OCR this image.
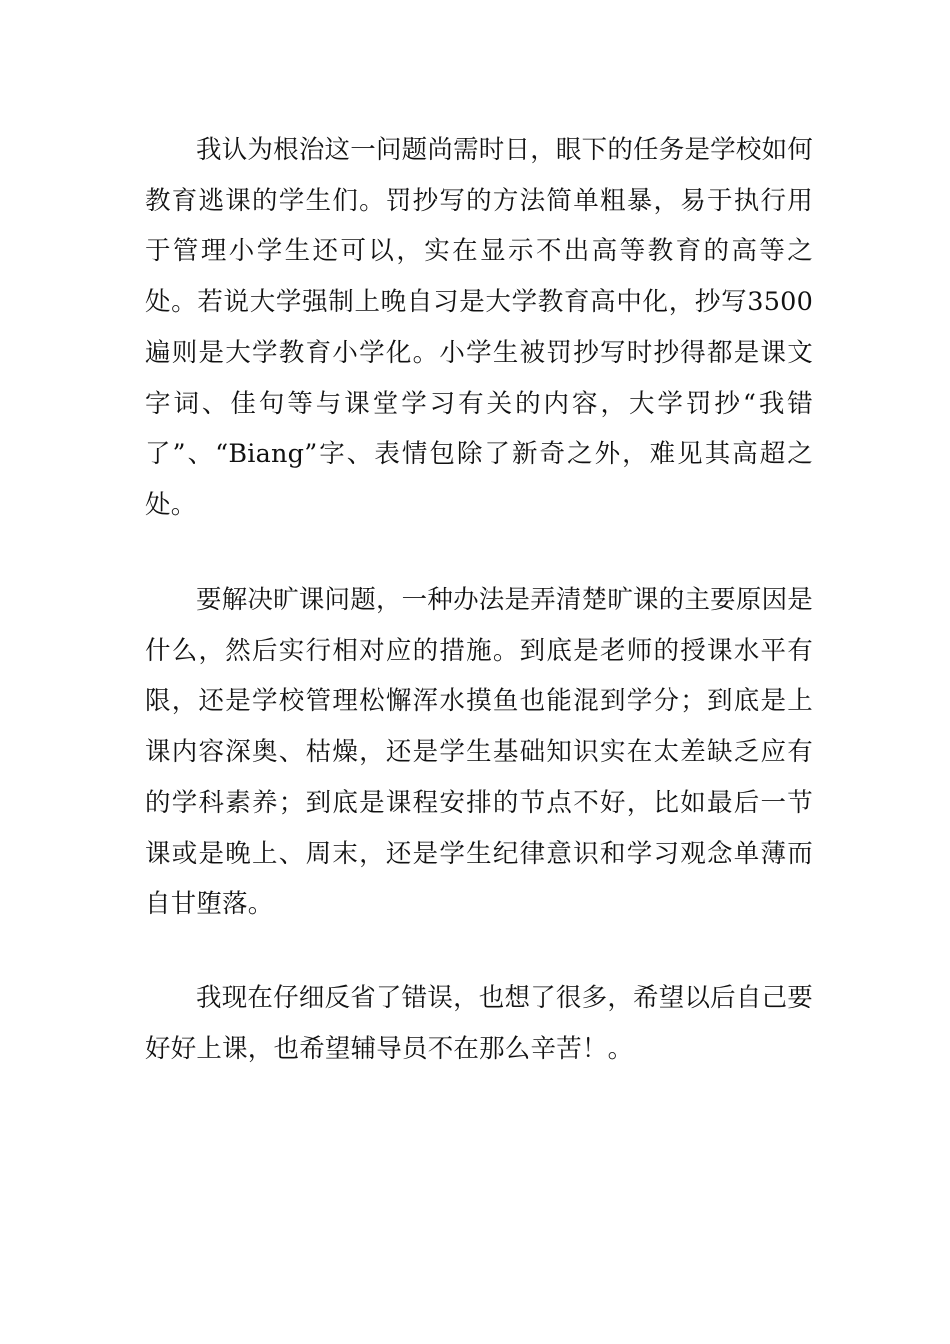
我认为根治这一问题尚需时日，眼下的任务是学校如何教育逃课的学生们。罚抄写的方法简单粗暴，易于执行用于管理小学生还可以，实在显示不出高等教育的高等之处。若说大学强制上晚自习是大学教育高中化，抄写3500遍则是大学教育小学化。小学生被罚抄写时抄得都是课文字词、佳句等与课堂学习有关的内容，大学罚抄“我错了”、“Biang”字、表情包除了新奇之外，难见其高超之处。

要解决旷课问题，一种办法是弄清楚旷课的主要原因是什么，然后实行相对应的措施。到底是老师的授课水平有限，还是学校管理松懈浑水摸鱼也能混到学分；到底是上课内容深奥、枯燥，还是学生基础知识实在太差缺乏应有的学科素养；到底是课程安排的节点不好，比如最后一节课或是晚上、周末，还是学生纪律意识和学习观念单薄而自甘堕落。

我现在仔细反省了错误，也想了很多，希望以后自己要好好上课，也希望辅导员不在那么辛苦！。
